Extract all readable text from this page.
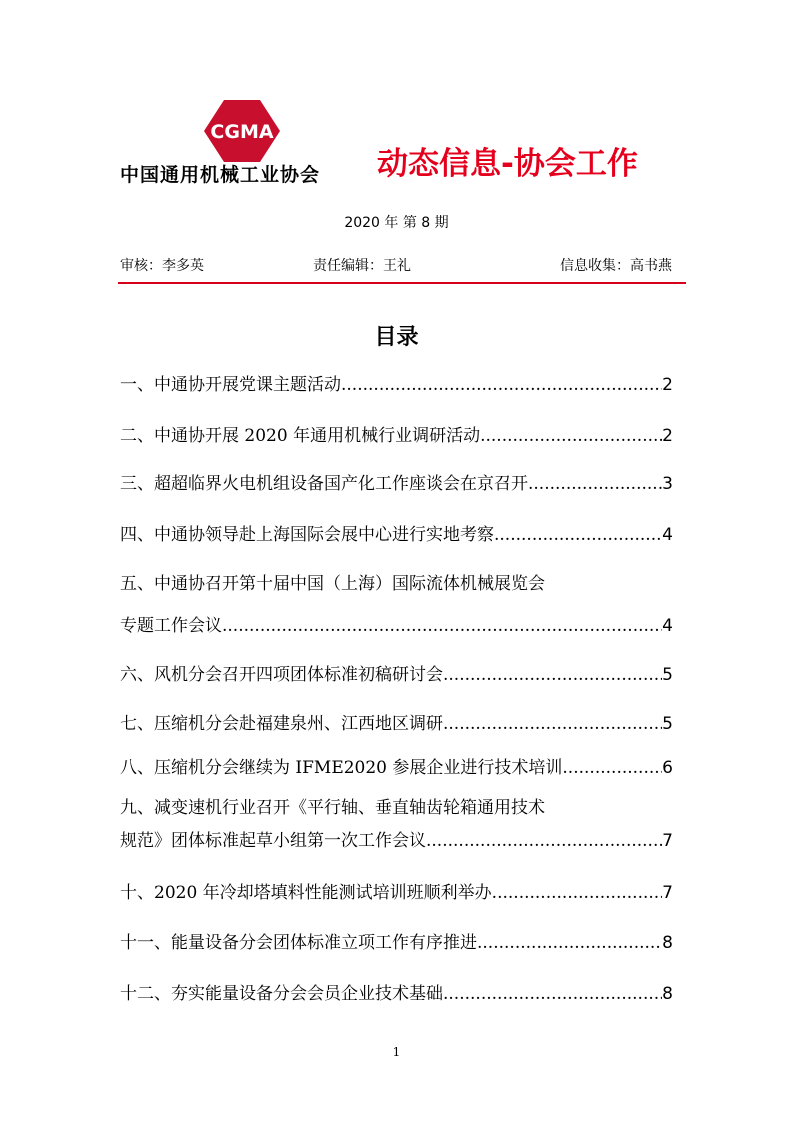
CGMA
中国通用机械工业协会	动态信息-协会工作
2020 年 第 8 期
审核：李多英	责任编辑：王礼	信息收集：高书燕
目录
一、中通协开展党课主题活动 .....	2
二、中通协开展 2020 年通用机械行业调研活动 .....	2
三、超超临界火电机组设备国产化工作座谈会在京召开 .....	3
四、中通协领导赴上海国际会展中心进行实地考察 .....	4
五、中通协召开第十届中国（上海）国际流体机械展览会
专题工作会议 .....	4
六、风机分会召开四项团体标准初稿研讨会 .....	5
七、压缩机分会赴福建泉州、江西地区调研 .....	5
八、压缩机分会继续为 IFME2020 参展企业进行技术培训 .....	6
九、减变速机行业召开《平行轴、垂直轴齿轮箱通用技术
规范》团体标准起草小组第一次工作会议 .....	7
十、2020 年冷却塔填料性能测试培训班顺利举办 .....	7
十一、能量设备分会团体标准立项工作有序推进 .....	8
十二、夯实能量设备分会会员企业技术基础 .....	8
1
